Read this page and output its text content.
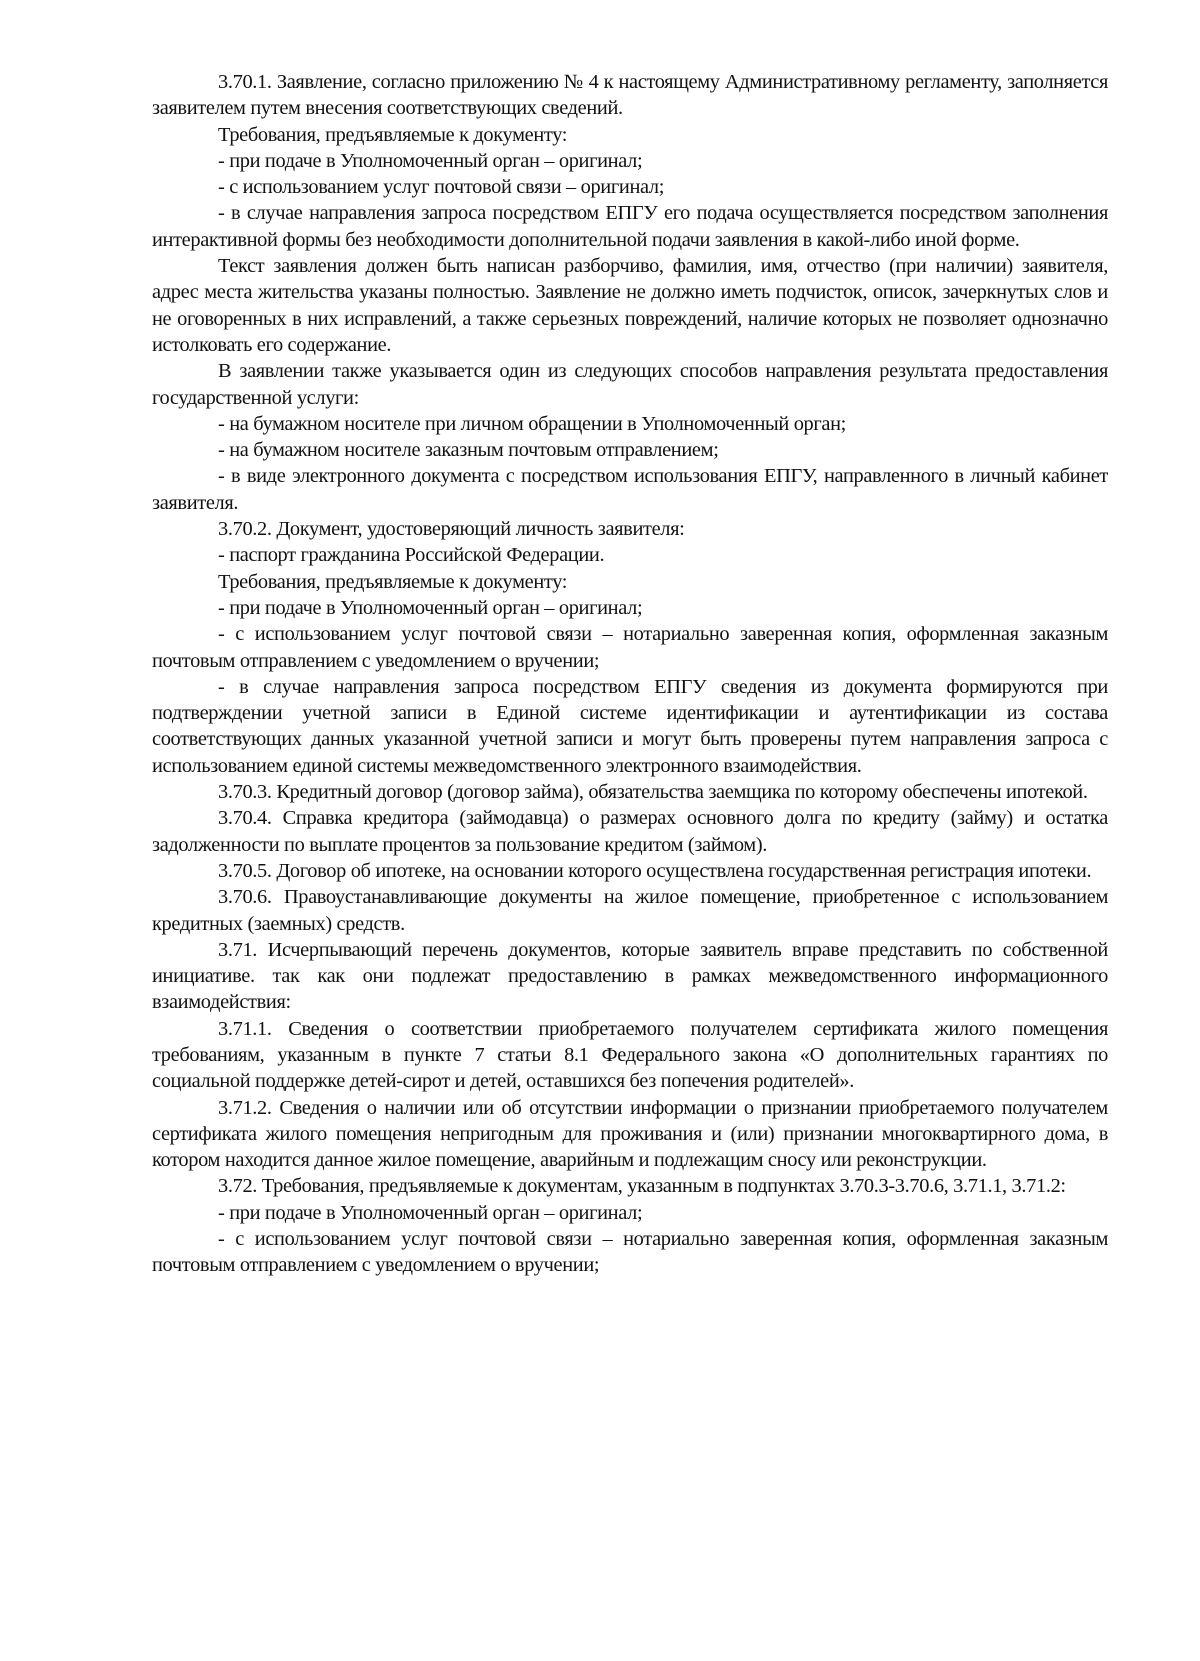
3.70.1. Заявление, согласно приложению № 4 к настоящему Административному регламенту, заполняется заявителем путем внесения соответствующих сведений.

Требования, предъявляемые к документу:

- при подаче в Уполномоченный орган – оригинал;

- с использованием услуг почтовой связи – оригинал;

- в случае направления запроса посредством ЕПГУ его подача осуществляется посредством заполнения интерактивной формы без необходимости дополнительной подачи заявления в какой-либо иной форме.

Текст заявления должен быть написан разборчиво, фамилия, имя, отчество (при наличии) заявителя, адрес места жительства указаны полностью. Заявление не должно иметь подчисток, описок, зачеркнутых слов и не оговоренных в них исправлений, а также серьезных повреждений, наличие которых не позволяет однозначно истолковать его содержание.

В заявлении также указывается один из следующих способов направления результата предоставления государственной услуги:

- на бумажном носителе при личном обращении в Уполномоченный орган;

- на бумажном носителе заказным почтовым отправлением;

- в виде электронного документа с посредством использования ЕПГУ, направленного в личный кабинет заявителя.

3.70.2. Документ, удостоверяющий личность заявителя:

- паспорт гражданина Российской Федерации.

Требования, предъявляемые к документу:

- при подаче в Уполномоченный орган – оригинал;

- с использованием услуг почтовой связи – нотариально заверенная копия, оформленная заказным почтовым отправлением с уведомлением о вручении;

- в случае направления запроса посредством ЕПГУ сведения из документа формируются при подтверждении учетной записи в Единой системе идентификации и аутентификации из состава соответствующих данных указанной учетной записи и могут быть проверены путем направления запроса с использованием единой системы межведомственного электронного взаимодействия.

3.70.3. Кредитный договор (договор займа), обязательства заемщика по которому обеспечены ипотекой.

3.70.4. Справка кредитора (займодавца) о размерах основного долга по кредиту (займу) и остатка задолженности по выплате процентов за пользование кредитом (займом).

3.70.5. Договор об ипотеке, на основании которого осуществлена государственная регистрация ипотеки.

3.70.6. Правоустанавливающие документы на жилое помещение, приобретенное с использованием кредитных (заемных) средств.

3.71. Исчерпывающий перечень документов, которые заявитель вправе представить по собственной инициативе. так как они подлежат предоставлению в рамках межведомственного информационного взаимодействия:

3.71.1. Сведения о соответствии приобретаемого получателем сертификата жилого помещения требованиям, указанным в пункте 7 статьи 8.1 Федерального закона «О дополнительных гарантиях по социальной поддержке детей-сирот и детей, оставшихся без попечения родителей».

3.71.2. Сведения о наличии или об отсутствии информации о признании приобретаемого получателем сертификата жилого помещения непригодным для проживания и (или) признании многоквартирного дома, в котором находится данное жилое помещение, аварийным и подлежащим сносу или реконструкции.

3.72. Требования, предъявляемые к документам, указанным в подпунктах 3.70.3-3.70.6, 3.71.1, 3.71.2:

- при подаче в Уполномоченный орган – оригинал;

- с использованием услуг почтовой связи – нотариально заверенная копия, оформленная заказным почтовым отправлением с уведомлением о вручении;
